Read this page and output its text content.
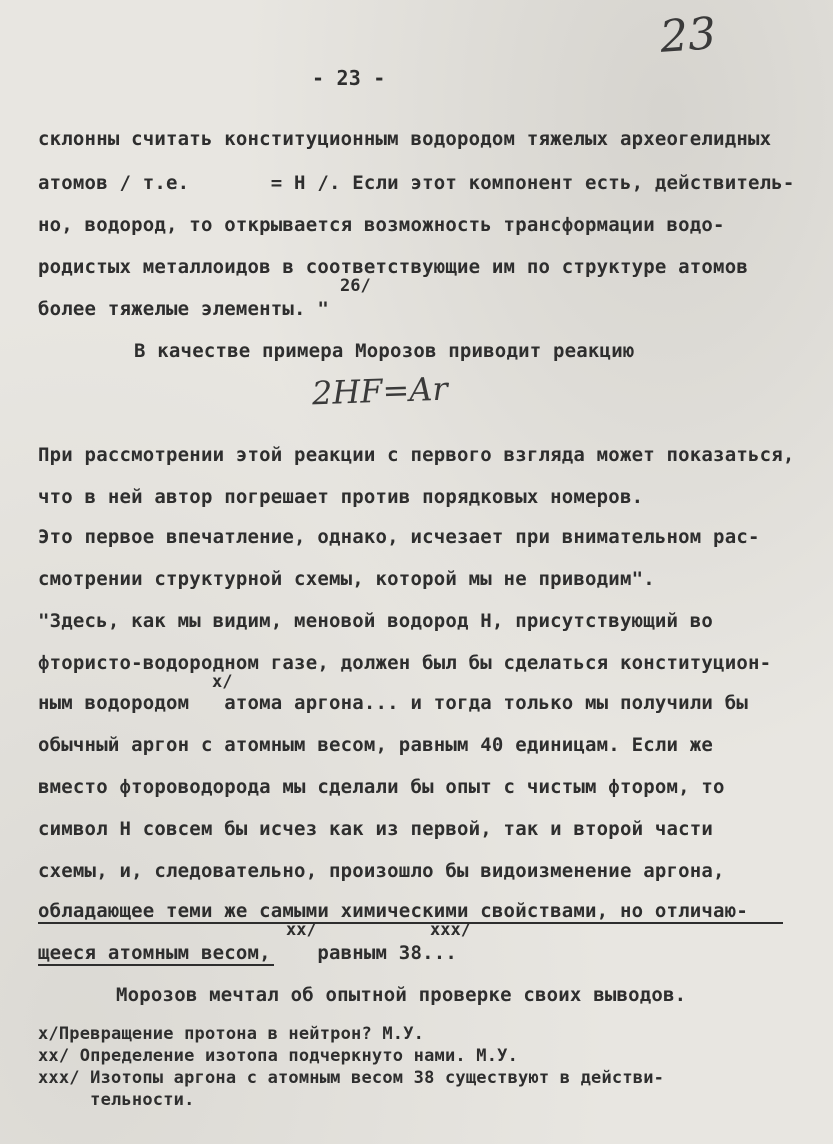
23
- 23 -
склонны считать конституционным водородом тяжелых археогелидных
атомов / т.е.       = Н /. Если этот компонент есть, действитель-
но, водород, то открывается возможность трансформации водо-
родистых металлоидов в соответствующие им по структуре атомов
26/
более тяжелые элементы. "
В качестве примера Морозов приводит реакцию
2HF=Ar
При рассмотрении этой реакции с первого взгляда может показаться,
что в ней автор погрешает против порядковых номеров.
Это первое впечатление, однако, исчезает при внимательном рас-
смотрении структурной схемы, которой мы не приводим".
"Здесь, как мы видим, меновой водород Н, присутствующий во
фтористо-водородном газе, должен был бы сделаться конституцион-
x/
ным водородом   атома аргона... и тогда только мы получили бы
обычный аргон с атомным весом, равным 40 единицам. Если же
вместо фтороводорода мы сделали бы опыт с чистым фтором, то
символ Н совсем бы исчез как из первой, так и второй части
схемы, и, следовательно, произошло бы видоизменение аргона,
обладающее теми же самыми химическими свойствами, но отличаю-
xx/	xxx/
щееся атомным весом,    равным 38...
Морозов мечтал об опытной проверке своих выводов.
x/Превращение протона в нейтрон? М.У.
xx/ Определение изотопа подчеркнуто нами. М.У.
xxx/ Изотопы аргона с атомным весом 38 существуют в действи-
тельности.
